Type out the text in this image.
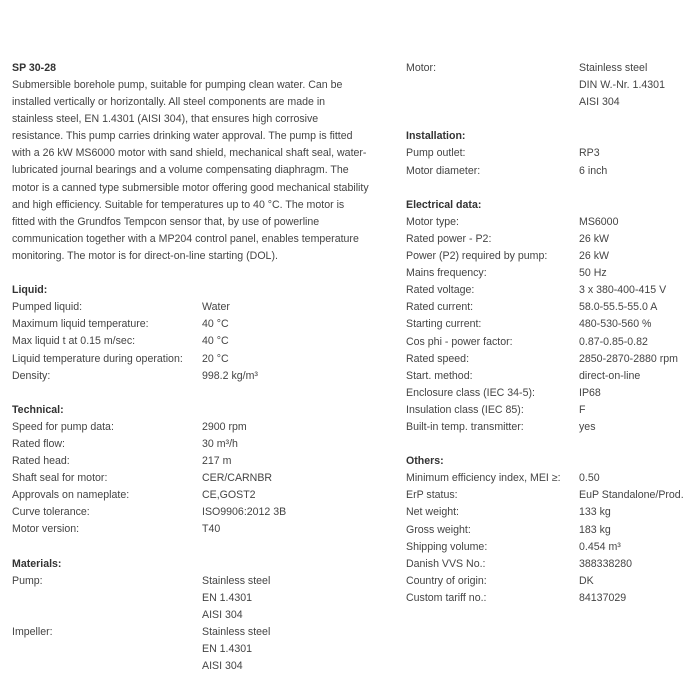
SP 30-28
Submersible borehole pump, suitable for pumping clean water. Can be
installed vertically or horizontally. All steel components are made in
stainless steel, EN 1.4301 (AISI 304), that ensures high corrosive
resistance. This pump carries drinking water approval. The pump is fitted
with a 26 kW MS6000 motor with sand shield, mechanical shaft seal, water-
lubricated journal bearings and a volume compensating diaphragm. The
motor is a canned type submersible motor offering good mechanical stability
and high efficiency. Suitable for temperatures up to 40 °C. The motor is
fitted with the Grundfos Tempcon sensor that, by use of powerline
communication together with a MP204 control panel, enables temperature
monitoring. The motor is for direct-on-line starting (DOL).
Liquid:
Pumped liquid:	Water
Maximum liquid temperature:	40 °C
Max liquid t at 0.15 m/sec:	40 °C
Liquid temperature during operation:	20 °C
Density:	998.2 kg/m³
Technical:
Speed for pump data:	2900 rpm
Rated flow:	30 m³/h
Rated head:	217 m
Shaft seal for motor:	CER/CARNBR
Approvals on nameplate:	CE,GOST2
Curve tolerance:	ISO9906:2012 3B
Motor version:	T40
Materials:
Pump:	Stainless steel
EN 1.4301
AISI 304
Impeller:	Stainless steel
EN 1.4301
AISI 304
Motor:	Stainless steel
DIN W.-Nr. 1.4301
AISI 304
Installation:
Pump outlet:	RP3
Motor diameter:	6 inch
Electrical data:
Motor type:	MS6000
Rated power - P2:	26 kW
Power (P2) required by pump:	26 kW
Mains frequency:	50 Hz
Rated voltage:	3 x 380-400-415 V
Rated current:	58.0-55.5-55.0 A
Starting current:	480-530-560 %
Cos phi - power factor:	0.87-0.85-0.82
Rated speed:	2850-2870-2880 rpm
Start. method:	direct-on-line
Enclosure class (IEC 34-5):	IP68
Insulation class (IEC 85):	F
Built-in temp. transmitter:	yes
Others:
Minimum efficiency index, MEI ≥:	0.50
ErP status:	EuP Standalone/Prod.
Net weight:	133 kg
Gross weight:	183 kg
Shipping volume:	0.454 m³
Danish VVS No.:	388338280
Country of origin:	DK
Custom tariff no.:	84137029
